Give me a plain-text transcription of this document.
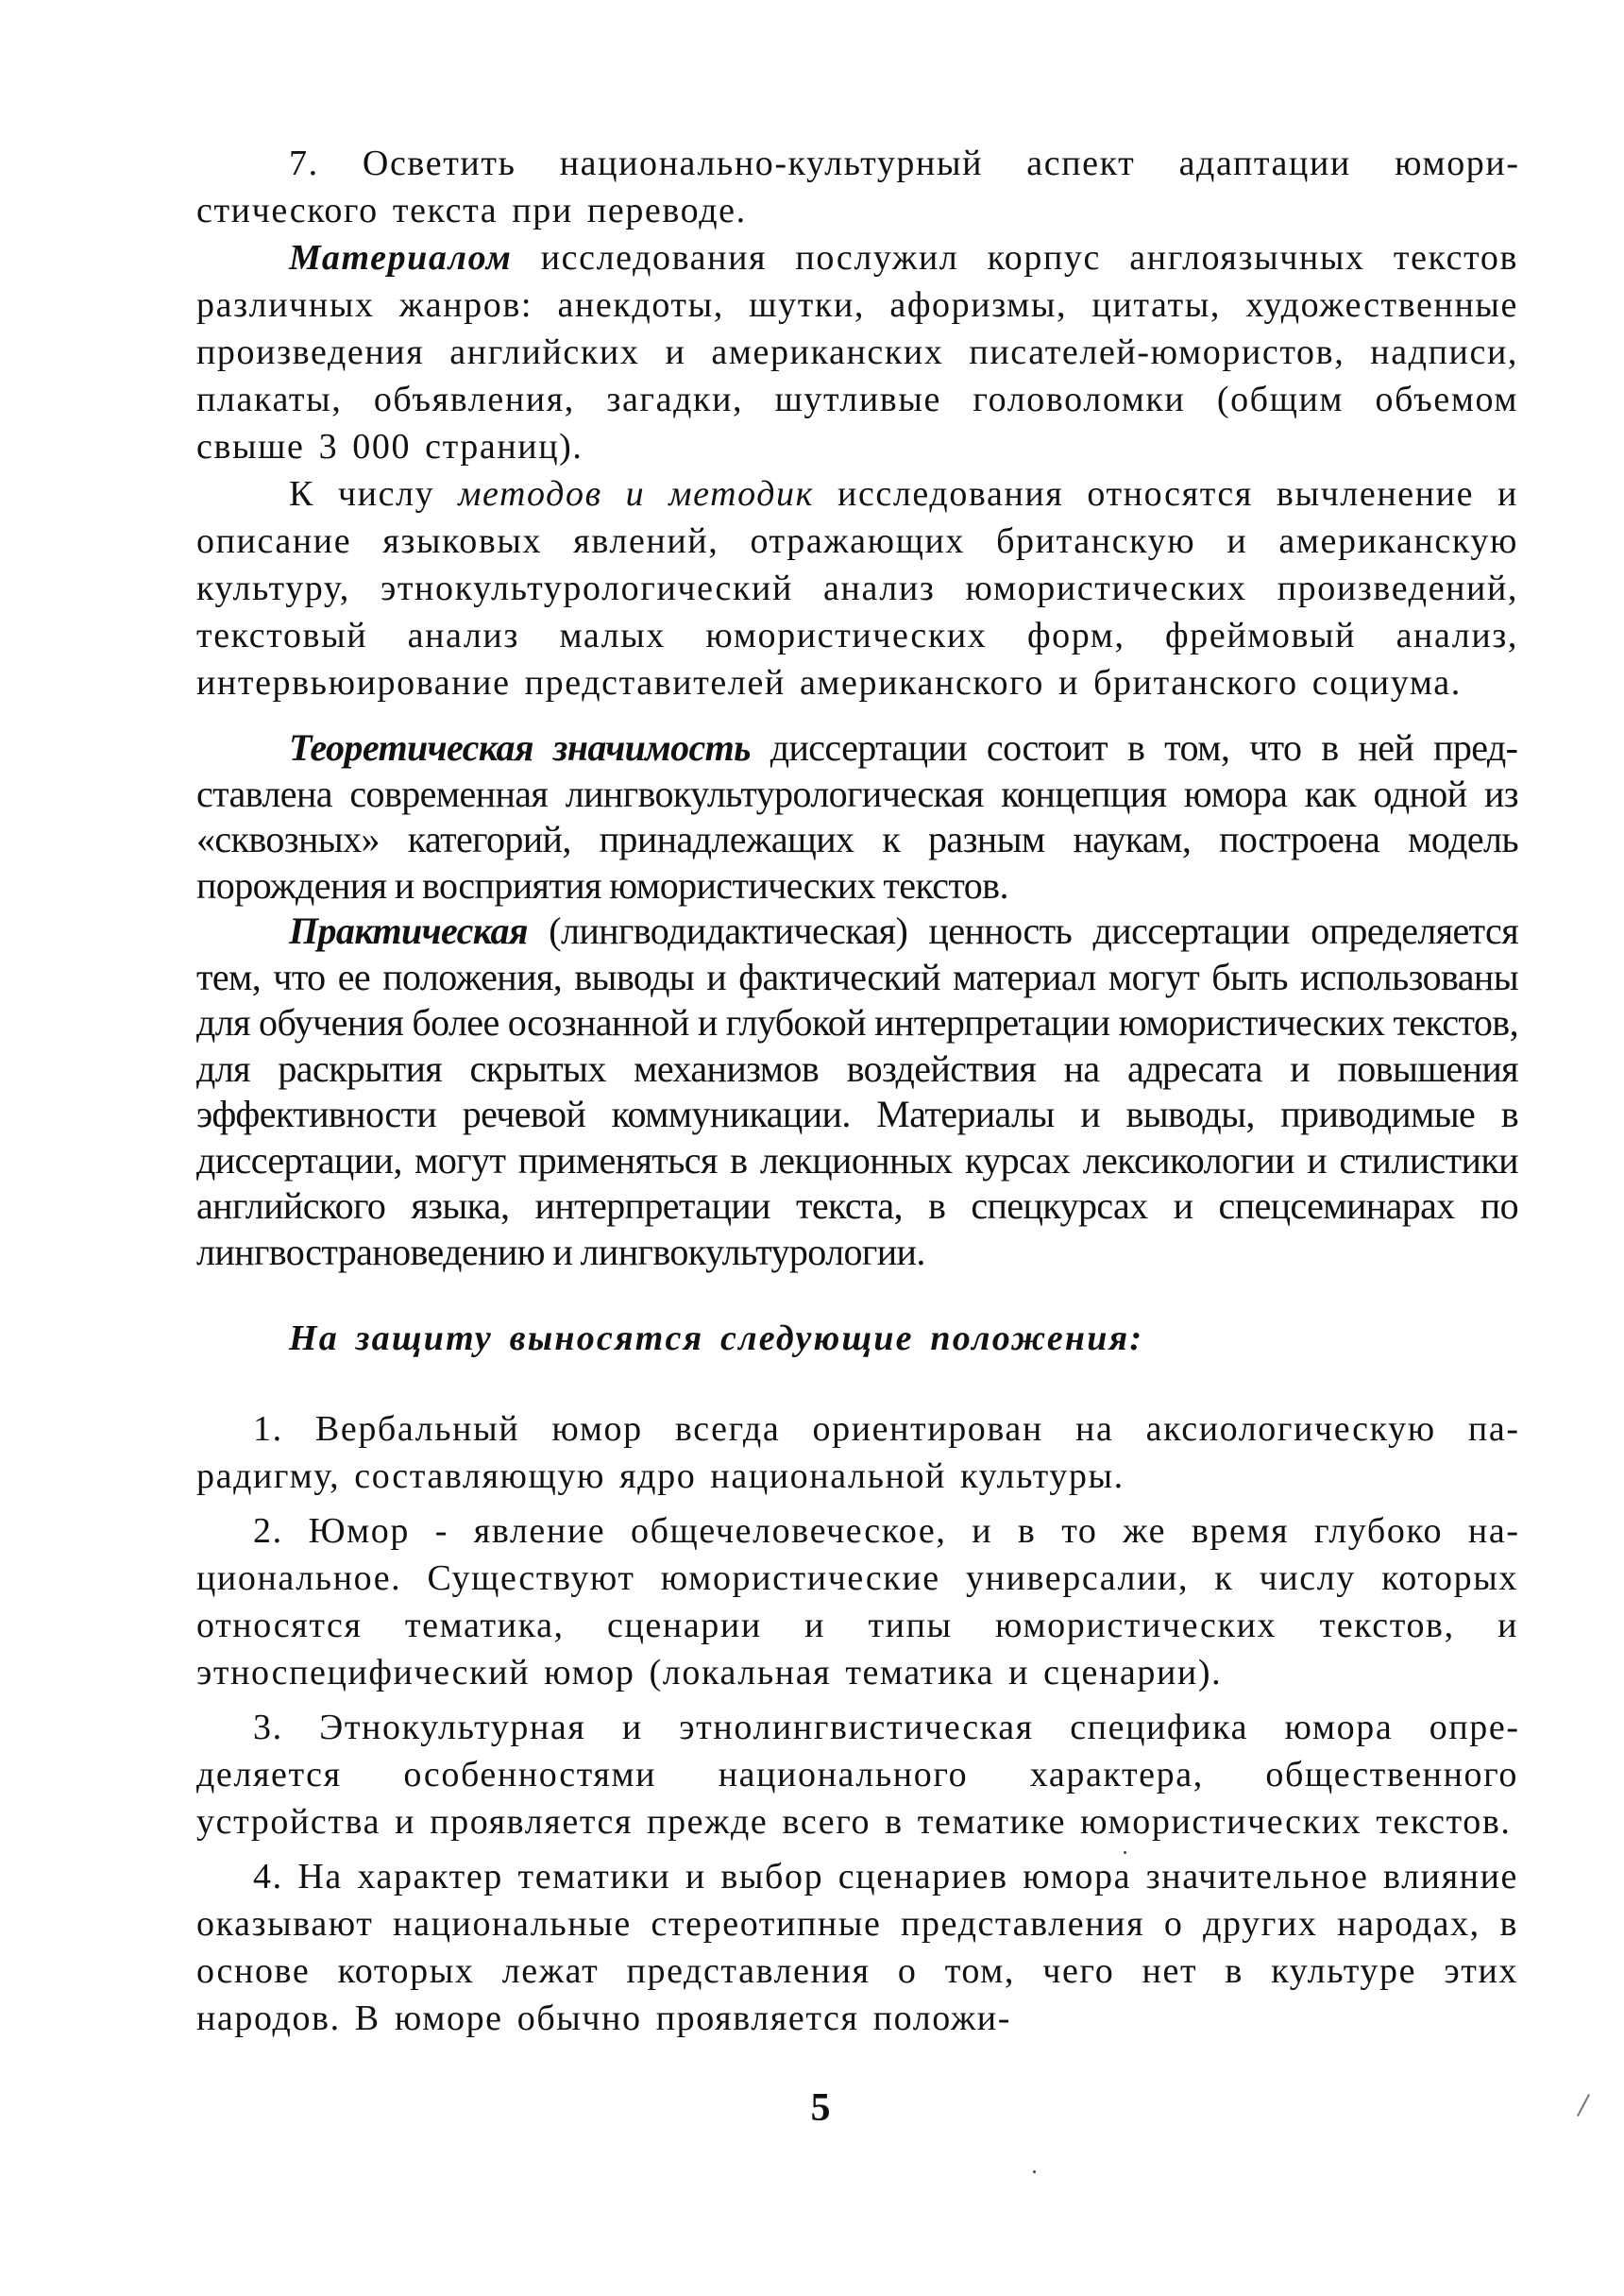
7. Осветить национально-культурный аспект адаптации юмористического текста при переводе.

Материалом исследования послужил корпус англоязычных текстов различных жанров: анекдоты, шутки, афоризмы, цитаты, художественные произведения английских и американских писателей-юмористов, надписи, плакаты, объявления, загадки, шутливые головоломки (общим объемом свыше 3 000 страниц).

К числу методов и методик исследования относятся вычленение и описание языковых явлений, отражающих британскую и американскую культуру, этнокультурологический анализ юмористических произведений, текстовый анализ малых юмористических форм, фреймовый анализ, интервьюирование представителей американского и британского социума.

Теоретическая значимость диссертации состоит в том, что в ней представлена современная лингвокультурологическая концепция юмора как одной из «сквозных» категорий, принадлежащих к разным наукам, построена модель порождения и восприятия юмористических текстов.

Практическая (лингводидактическая) ценность диссертации определяется тем, что ее положения, выводы и фактический материал могут быть использованы для обучения более осознанной и глубокой интерпретации юмористических текстов, для раскрытия скрытых механизмов воздействия на адресата и повышения эффективности речевой коммуникации. Материалы и выводы, приводимые в диссертации, могут применяться в лекционных курсах лексикологии и стилистики английского языка, интерпретации текста, в спецкурсах и спецсеминарах по лингвострановедению и лингвокультурологии.

На защиту выносятся следующие положения:

1. Вербальный юмор всегда ориентирован на аксиологическую парадигму, составляющую ядро национальной культуры.

2. Юмор - явление общечеловеческое, и в то же время глубоко национальное. Существуют юмористические универсалии, к числу которых относятся тематика, сценарии и типы юмористических текстов, и этноспецифический юмор (локальная тематика и сценарии).

3. Этнокультурная и этнолингвистическая специфика юмора определяется особенностями национального характера, общественного устройства и проявляется прежде всего в тематике юмористических текстов.

4. На характер тематики и выбор сценариев юмора значительное влияние оказывают национальные стереотипные представления о других народах, в основе которых лежат представления о том, чего нет в культуре этих народов. В юморе обычно проявляется положи-

5
